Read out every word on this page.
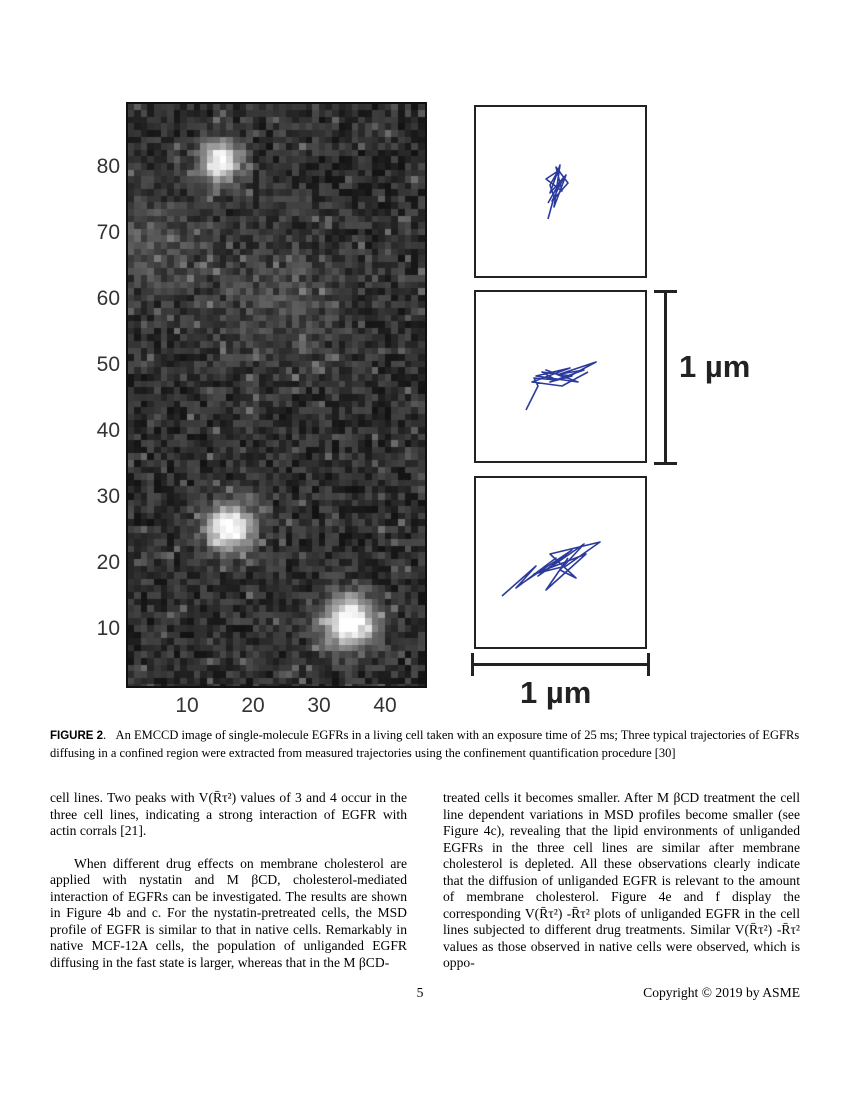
80
70
60
50
40
30
20
10
10	20	30	40
1 µm
1 µm
FIGURE 2.   An EMCCD image of single-molecule EGFRs in a living cell taken with an exposure time of 25 ms; Three typical trajectories of EGFRs diffusing in a confined region were extracted from measured trajectories using the confinement quantification procedure [30]

cell lines. Two peaks with V(R̄τ²) values of 3 and 4 occur in the three cell lines, indicating a strong interaction of EGFR with actin corrals [21].

When different drug effects on membrane cholesterol are applied with nystatin and M βCD, cholesterol-mediated interaction of EGFRs can be investigated. The results are shown in Figure 4b and c. For the nystatin-pretreated cells, the MSD profile of EGFR is similar to that in native cells. Remarkably in native MCF-12A cells, the population of unliganded EGFR diffusing in the fast state is larger, whereas that in the M βCD-

treated cells it becomes smaller. After M βCD treatment the cell line dependent variations in MSD profiles become smaller (see Figure 4c), revealing that the lipid environments of unliganded EGFRs in the three cell lines are similar after membrane cholesterol is depleted. All these observations clearly indicate that the diffusion of unliganded EGFR is relevant to the amount of membrane cholesterol. Figure 4e and f display the corresponding V(R̄τ²) -R̄τ² plots of unliganded EGFR in the cell lines subjected to different drug treatments. Similar V(R̄τ²) -R̄τ² values as those observed in native cells were observed, which is oppo-

5	Copyright © 2019 by ASME
